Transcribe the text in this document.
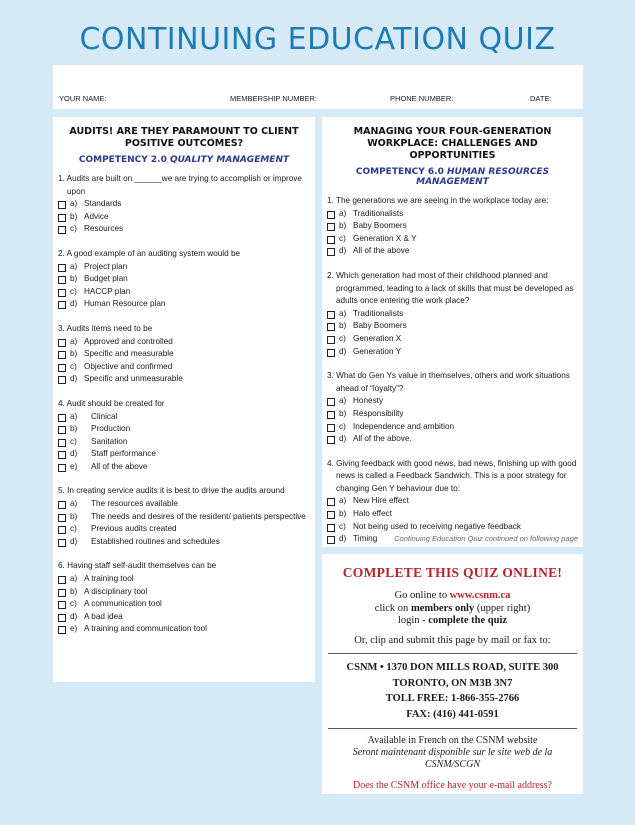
CONTINUING EDUCATION QUIZ
YOUR NAME:	MEMBERSHIP NUMBER:	PHONE NUMBER:	DATE:
AUDITS! ARE THEY PARAMOUNT TO CLIENT POSITIVE OUTCOMES?
COMPETENCY 2.0 QUALITY MANAGEMENT
1. Audits are built on ______we are trying to accomplish or improve upon
a) Standards
b) Advice
c) Resources
2. A good example of an auditing system would be
a) Project plan
b) Budget plan
c) HACCP plan
d) Human Resource plan
3. Audits items need to be
a) Approved and controlled
b) Specific and measurable
c) Objective and confirmed
d) Specific and unmeasurable
4. Audit should be created for
a)	Clinical
b)	Production
c)	Sanitation
d)	Staff performance
e)	All of the above
5. In creating service audits it is best to drive the audits around
a)	The resources available
b)	The needs and desires of the resident/ patients perspective
c)	Previous audits created
d)	Established routines and schedules
6. Having staff self-audit themselves can be
a) A training tool
b) A disciplinary tool
c) A communication tool
d) A bad idea
e) A training and communication tool
MANAGING YOUR FOUR-GENERATION WORKPLACE: CHALLENGES AND OPPORTUNITIES
COMPETENCY 6.0 HUMAN RESOURCES MANAGEMENT
1. The generations we are seeing in the workplace today are:
a) Traditionalists
b) Baby Boomers
c) Generation X & Y
d) All of the above
2. Which generation had most of their childhood planned and programmed, leading to a lack of skills that must be developed as adults once entering the work place?
a) Traditionalists
b) Baby Boomers
c) Generation X
d) Generation Y
3. What do Gen Ys value in themselves, others and work situations ahead of “loyalty”?
a) Honesty
b) Responsibility
c) Independence and ambition
d) All of the above.
4. Giving feedback with good news, bad news, finishing up with good news is called a Feedback Sandwich. This is a poor strategy for changing Gen Y behaviour due to:
a) New Hire effect
b) Halo effect
c) Not being used to receiving negative feedback
d) Timing	Continuing Education Quiz continued on following page
COMPLETE THIS QUIZ ONLINE!
Go online to www.csnm.ca
click on members only (upper right)
login - complete the quiz
Or, clip and submit this page by mail or fax to:
CSNM • 1370 DON MILLS ROAD, SUITE 300
TORONTO, ON M3B 3N7
TOLL FREE: 1-866-355-2766
FAX: (416) 441-0591
Available in French on the CSNM website
Seront maintenant disponible sur le site web de la CSNM/SCGN
Does the CSNM office have your e-mail address?
